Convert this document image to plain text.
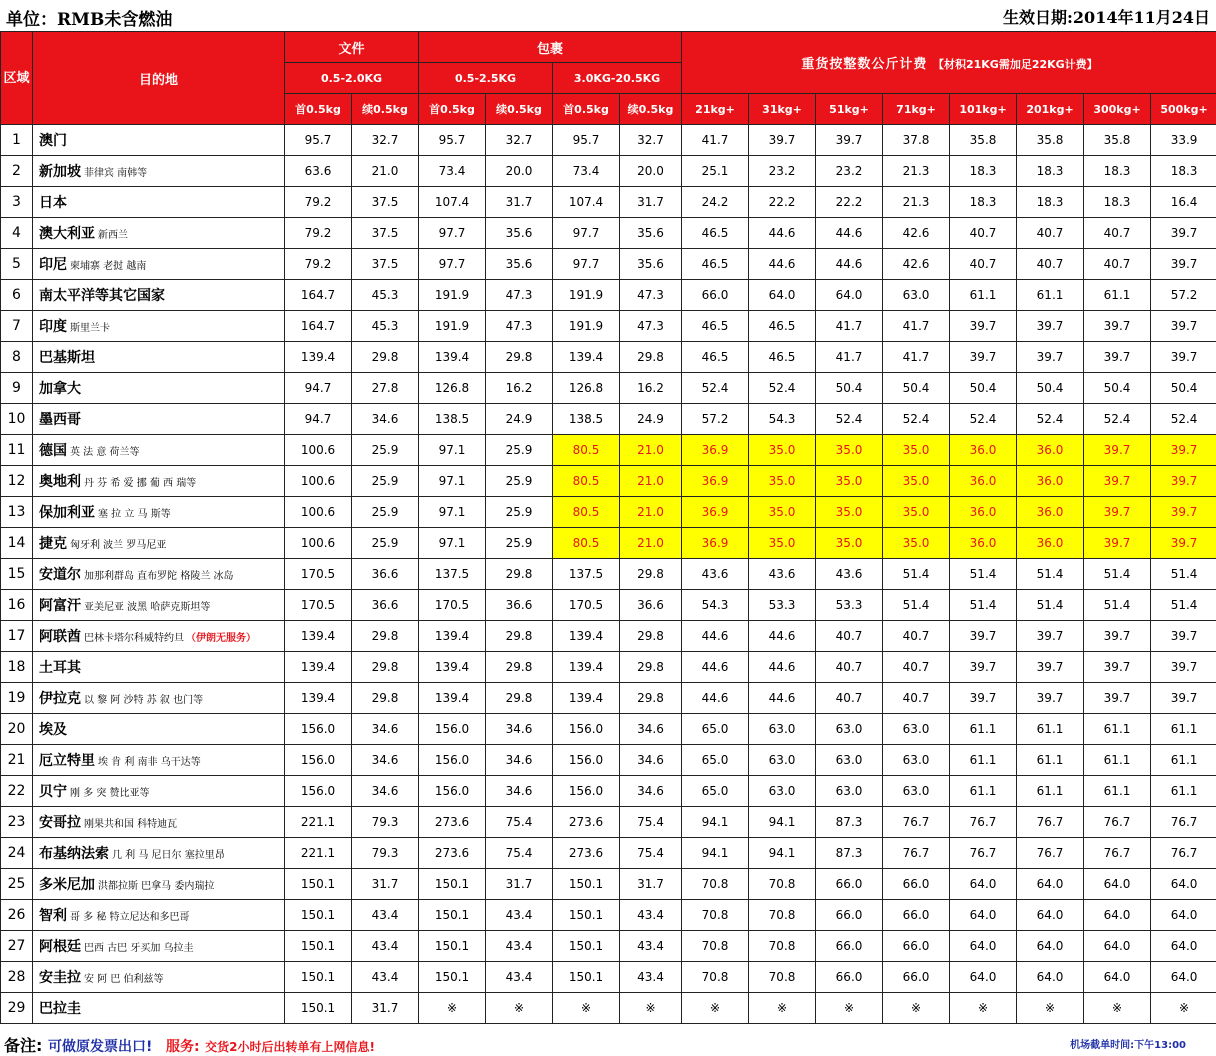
单位：RMB未含燃油	生效日期:2014年11月24日
区域	目的地	文件		包裹				重货按整数公斤计费 【材积21KG需加足22KG计费】							
		0.5-2.0KG		0.5-2.5KG		3.0KG-20.5KG									
		首0.5kg	续0.5kg	首0.5kg	续0.5kg	首0.5kg	续0.5kg	21kg+	31kg+	51kg+	71kg+	101kg+	201kg+	300kg+	500kg+
1	澳门	95.7	32.7	95.7	32.7	95.7	32.7	41.7	39.7	39.7	37.8	35.8	35.8	35.8	33.9
2	新加坡 菲律宾 南韩等	63.6	21.0	73.4	20.0	73.4	20.0	25.1	23.2	23.2	21.3	18.3	18.3	18.3	18.3
3	日本	79.2	37.5	107.4	31.7	107.4	31.7	24.2	22.2	22.2	21.3	18.3	18.3	18.3	16.4
4	澳大利亚 新西兰	79.2	37.5	97.7	35.6	97.7	35.6	46.5	44.6	44.6	42.6	40.7	40.7	40.7	39.7
5	印尼 柬埔寨 老挝 越南	79.2	37.5	97.7	35.6	97.7	35.6	46.5	44.6	44.6	42.6	40.7	40.7	40.7	39.7
6	南太平洋等其它国家	164.7	45.3	191.9	47.3	191.9	47.3	66.0	64.0	64.0	63.0	61.1	61.1	61.1	57.2
7	印度 斯里兰卡	164.7	45.3	191.9	47.3	191.9	47.3	46.5	46.5	41.7	41.7	39.7	39.7	39.7	39.7
8	巴基斯坦	139.4	29.8	139.4	29.8	139.4	29.8	46.5	46.5	41.7	41.7	39.7	39.7	39.7	39.7
9	加拿大	94.7	27.8	126.8	16.2	126.8	16.2	52.4	52.4	50.4	50.4	50.4	50.4	50.4	50.4
10	墨西哥	94.7	34.6	138.5	24.9	138.5	24.9	57.2	54.3	52.4	52.4	52.4	52.4	52.4	52.4
11	德国 英 法 意 荷兰等	100.6	25.9	97.1	25.9	80.5	21.0	36.9	35.0	35.0	35.0	36.0	36.0	39.7	39.7
12	奥地利 丹 芬 希 爱 挪 葡 西 瑞等	100.6	25.9	97.1	25.9	80.5	21.0	36.9	35.0	35.0	35.0	36.0	36.0	39.7	39.7
13	保加利亚 塞 拉 立 马 斯等	100.6	25.9	97.1	25.9	80.5	21.0	36.9	35.0	35.0	35.0	36.0	36.0	39.7	39.7
14	捷克 匈牙利 波兰 罗马尼亚	100.6	25.9	97.1	25.9	80.5	21.0	36.9	35.0	35.0	35.0	36.0	36.0	39.7	39.7
15	安道尔 加那利群岛 直布罗陀 格陵兰 冰岛	170.5	36.6	137.5	29.8	137.5	29.8	43.6	43.6	43.6	51.4	51.4	51.4	51.4	51.4
16	阿富汗 亚美尼亚 波黑 哈萨克斯坦等	170.5	36.6	170.5	36.6	170.5	36.6	54.3	53.3	53.3	51.4	51.4	51.4	51.4	51.4
17	阿联酋 巴林卡塔尔科威特约旦 （伊朗无服务）	139.4	29.8	139.4	29.8	139.4	29.8	44.6	44.6	40.7	40.7	39.7	39.7	39.7	39.7
18	土耳其	139.4	29.8	139.4	29.8	139.4	29.8	44.6	44.6	40.7	40.7	39.7	39.7	39.7	39.7
19	伊拉克 以 黎 阿 沙特 苏 叙 也门等	139.4	29.8	139.4	29.8	139.4	29.8	44.6	44.6	40.7	40.7	39.7	39.7	39.7	39.7
20	埃及	156.0	34.6	156.0	34.6	156.0	34.6	65.0	63.0	63.0	63.0	61.1	61.1	61.1	61.1
21	厄立特里 埃 肯 利 南非 乌干达等	156.0	34.6	156.0	34.6	156.0	34.6	65.0	63.0	63.0	63.0	61.1	61.1	61.1	61.1
22	贝宁 刚 多 突 赞比亚等	156.0	34.6	156.0	34.6	156.0	34.6	65.0	63.0	63.0	63.0	61.1	61.1	61.1	61.1
23	安哥拉 刚果共和国 科特迪瓦	221.1	79.3	273.6	75.4	273.6	75.4	94.1	94.1	87.3	76.7	76.7	76.7	76.7	76.7
24	布基纳法索 几 利 马 尼日尔 塞拉里昂	221.1	79.3	273.6	75.4	273.6	75.4	94.1	94.1	87.3	76.7	76.7	76.7	76.7	76.7
25	多米尼加 洪都拉斯 巴拿马 委内瑞拉	150.1	31.7	150.1	31.7	150.1	31.7	70.8	70.8	66.0	66.0	64.0	64.0	64.0	64.0
26	智利 哥 多 秘 特立尼达和多巴哥	150.1	43.4	150.1	43.4	150.1	43.4	70.8	70.8	66.0	66.0	64.0	64.0	64.0	64.0
27	阿根廷 巴西 古巴 牙买加 乌拉圭	150.1	43.4	150.1	43.4	150.1	43.4	70.8	70.8	66.0	66.0	64.0	64.0	64.0	64.0
28	安圭拉 安 阿 巴 伯利兹等	150.1	43.4	150.1	43.4	150.1	43.4	70.8	70.8	66.0	66.0	64.0	64.0	64.0	64.0
29	巴拉圭	150.1	31.7	※	※	※	※	※	※	※	※	※	※	※	※
备注: 可做原发票出口! 服务: 交货2小时后出转单有上网信息!	机场截单时间:下午13:00
